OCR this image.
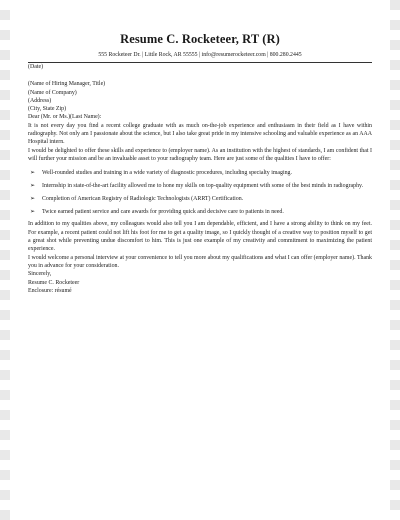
Resume C. Rocketeer, RT (R)
555 Rocketeer Dr. | Little Rock, AR 55555 | info@resumerocketeer.com | 800.280.2445

(Date)

(Name of Hiring Manager, Title)

(Name of Company)

(Address)

(City, State Zip)

Dear (Mr. or Ms.)(Last Name):

It is not every day you find a recent college graduate with as much on-the-job experience and enthusiasm in their field as I have within radiography. Not only am I passionate about the science, but I also take great pride in my intensive schooling and valuable experience as an AAA Hospital intern.

I would be delighted to offer these skills and experience to (employer name). As an institution with the highest of standards, I am confident that I will further your mission and be an invaluable asset to your radiography team. Here are just some of the qualities I have to offer:

➢ Well-rounded studies and training in a wide variety of diagnostic procedures, including specialty imaging.
➢ Internship in state-of-the-art facility allowed me to hone my skills on top-quality equipment with some of the best minds in radiography.
➢ Completion of American Registry of Radiologic Technologists (ARRT) Certification.
➢ Twice earned patient service and care awards for providing quick and decisive care to patients in need.

In addition to my qualities above, my colleagues would also tell you I am dependable, efficient, and I have a strong ability to think on my feet. For example, a recent patient could not lift his foot for me to get a quality image, so I quickly thought of a creative way to position myself to get a great shot while preventing undue discomfort to him. This is just one example of my creativity and commitment to maximizing the patient experience.

I would welcome a personal interview at your convenience to tell you more about my qualifications and what I can offer (employer name). Thank you in advance for your consideration.

Sincerely,

Resume C. Rocketeer

Enclosure: résumé
